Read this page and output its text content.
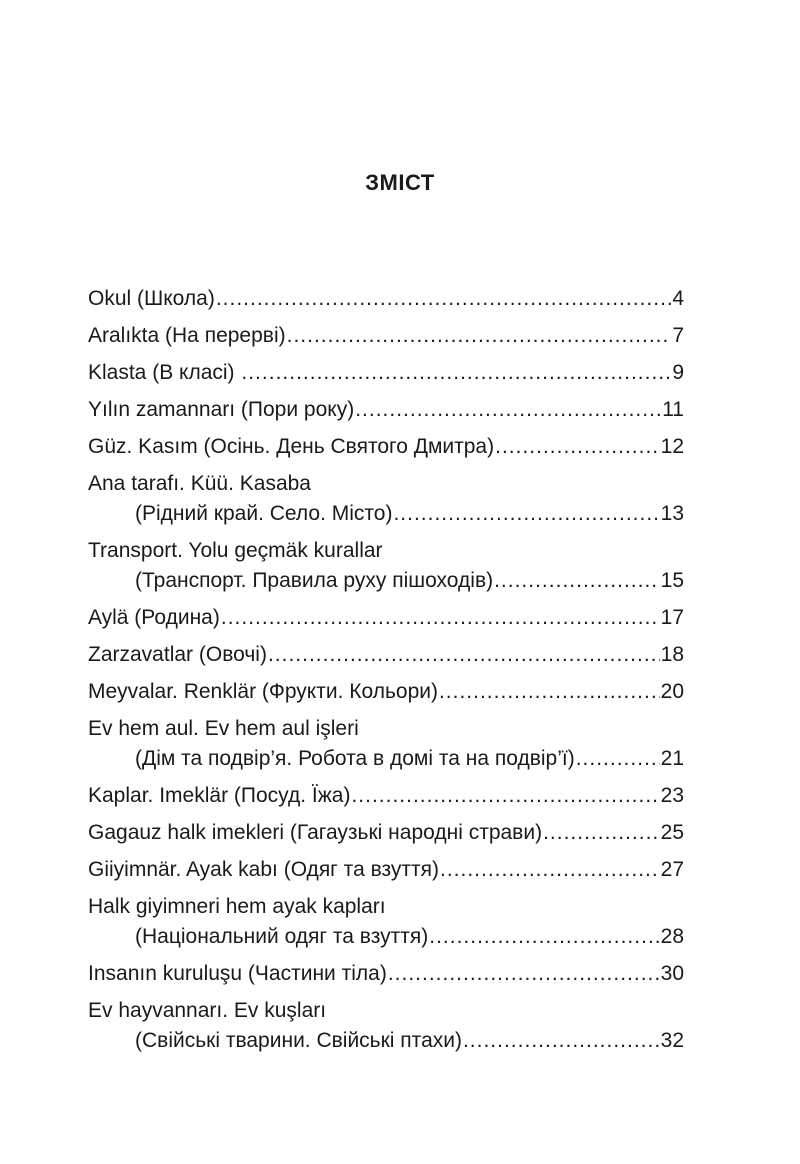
ЗМІСТ
Okul (Школа) .....	4
Aralıkta (На перерві) .....	7
Klasta (В класі) .....	9
Yılın zamannarı (Пори року) .....	11
Güz. Kasım (Осінь. День Святого Дмитра) .....	12
Ana tarafı. Küü. Kasaba
(Рідний край. Село. Місто) .....	13
Transport. Yolu geçmäk kurallar
(Транспорт. Правила руху пішоходів) .....	15
Aylä (Родина) .....	17
Zarzavatlar (Овочі) .....	18
Meyvalar. Renklär (Фрукти. Кольори) .....	20
Ev hem aul. Ev hem aul işleri
(Дім та подвір’я. Робота в домі та на подвір’ї) .....	21
Kaplar. Imeklär (Посуд. Їжа) .....	23
Gagauz halk imekleri (Гагаузькі народні страви) .....	25
Giiyimnär. Ayak kabı (Одяг та взуття) .....	27
Halk giyimneri hem ayak kapları
(Національний одяг та взуття) .....	28
Insanın kuruluşu (Частини тіла) .....	30
Ev hayvannarı. Ev kuşları
(Свійські тварини. Свійські птахи) .....	32
